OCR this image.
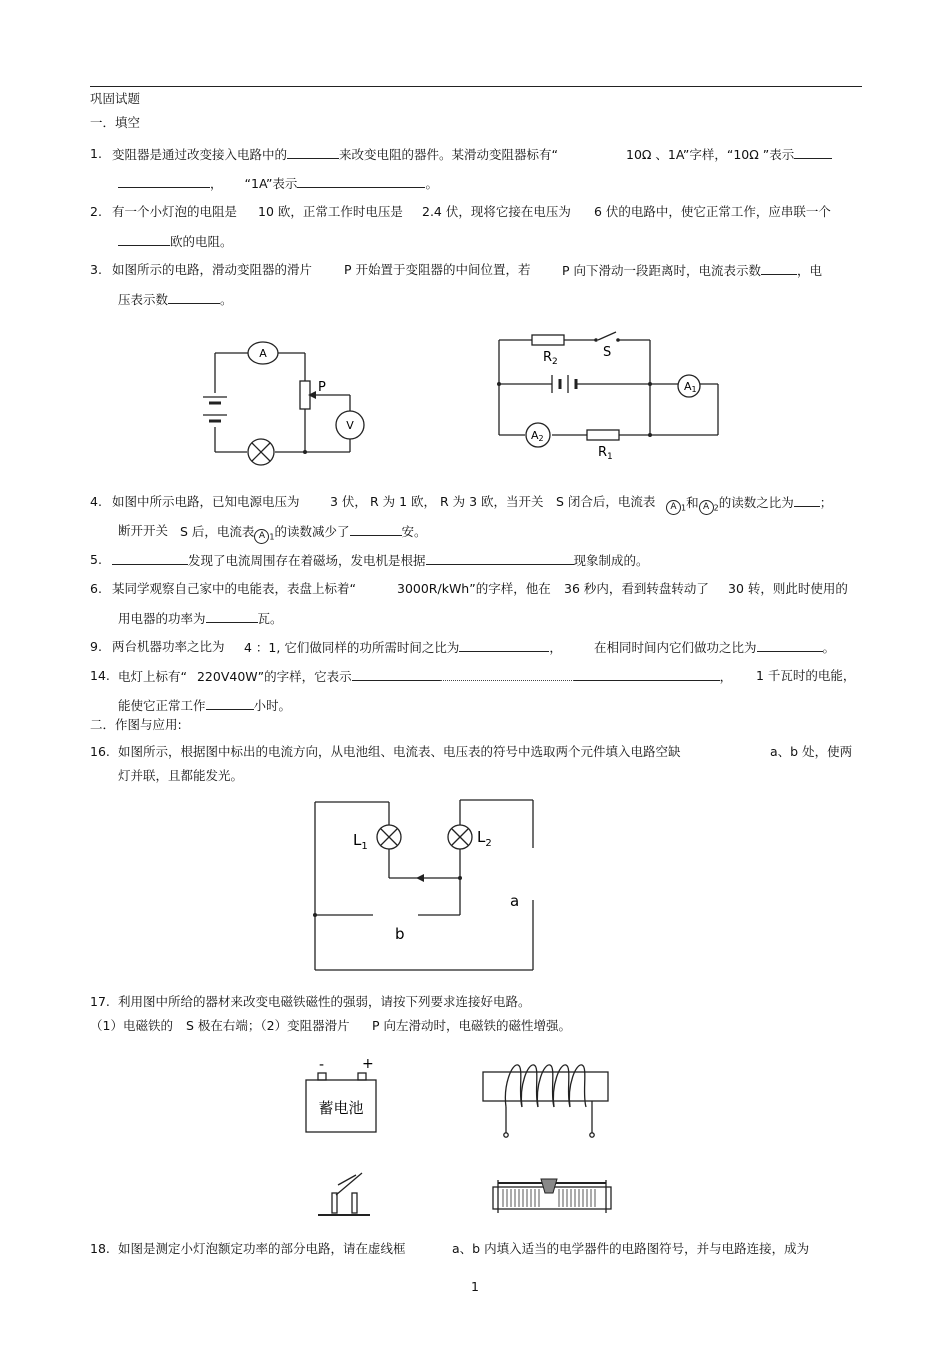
巩固试题
一．填空
1. 变阻器是通过改变接入电路中的	来改变电阻的器件。某滑动变阻器标有“	10Ω 、1A”字样，“10Ω ”表示
， “1A”表示	。
2. 有一个小灯泡的电阻是 10 欧，正常工作时电压是 2.4 伏，现将它接在电压为 6 伏的电路中，使它正常工作，应串联一个
欧的电阻。
3. 如图所示的电路，滑动变阻器的滑片	P 开始置于变阻器的中间位置，若	P 向下滑动一段距离时，电流表示数	，电
压表示数	。
A
V
P
$R_2$
S
A1
A2
$R_1$
4. 如图中所示电路，已知电源电压为 3 伏， R 为 1 欧， R 为 3 欧，当开关 S 闭合后，电流表	A $_1$和 A $_2$的读数之比为 ；
断开开关 S 后，电流表 A $_1$的读数减少了	安。
5.	发现了电流周围存在着磁场，发电机是根据	现象制成的。
6. 某同学观察自己家中的电能表，表盘上标着“	3000R/kWh”的字样，他在 36 秒内，看到转盘转动了 30 转，则此时使用的
用电器的功率为	瓦。
9. 两台机器功率之比为 4 ：1, 它们做同样的功所需时间之比为	，	在相同时间内它们做功之比为	。
14. 电灯上标有“ 220V40W”的字样，它表示	， 1 千瓦时的电能，
能使它正常工作	小时。
二．作图与应用:
16. 如图所示，根据图中标出的电流方向，从电池组、电流表、电压表的符号中选取两个元件填入电路空缺	a、b 处，使两
灯并联，且都能发光。
$L_1$
$L_2$
a
b
17. 利用图中所给的器材来改变电磁铁磁性的强弱，请按下列要求连接好电路。
（1）电磁铁的 S 极在右端；（2）变阻器滑片 P 向左滑动时，电磁铁的磁性增强。
蓄电池
-	+
18. 如图是测定小灯泡额定功率的部分电路，请在虚线框	a、b 内填入适当的电学器件的电路图符号，并与电路连接，成为
1
